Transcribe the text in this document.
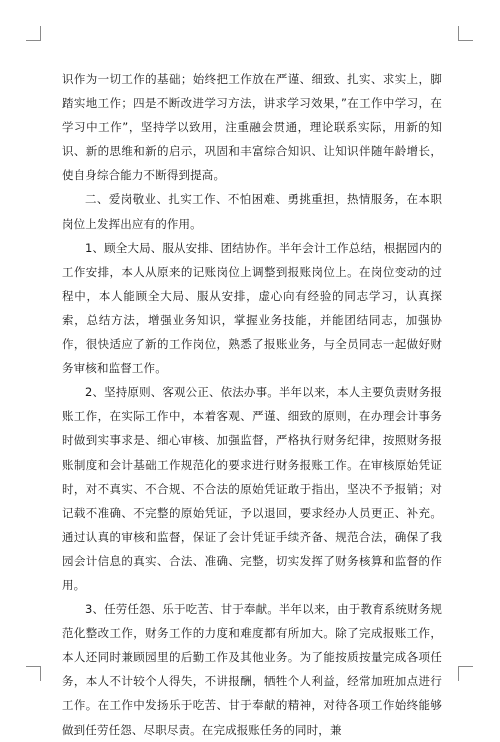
识作为一切工作的基础；始终把工作放在严谨、细致、扎实、求实上，脚踏实地工作；四是不断改进学习方法，讲求学习效果，”在工作中学习，在学习中工作”，坚持学以致用，注重融会贯通，理论联系实际，用新的知识、新的思维和新的启示，巩固和丰富综合知识、让知识伴随年龄增长，使自身综合能力不断得到提高。

二、爱岗敬业、扎实工作、不怕困难、勇挑重担，热情服务，在本职岗位上发挥出应有的作用。

1、顾全大局、服从安排、团结协作。半年会计工作总结，根据园内的工作安排，本人从原来的记账岗位上调整到报账岗位上。在岗位变动的过程中，本人能顾全大局、服从安排，虚心向有经验的同志学习，认真探索，总结方法，增强业务知识，掌握业务技能，并能团结同志，加强协作，很快适应了新的工作岗位，熟悉了报账业务，与全员同志一起做好财务审核和监督工作。

2、坚持原则、客观公正、依法办事。半年以来，本人主要负责财务报账工作，在实际工作中，本着客观、严谨、细致的原则，在办理会计事务时做到实事求是、细心审核、加强监督，严格执行财务纪律，按照财务报账制度和会计基础工作规范化的要求进行财务报账工作。在审核原始凭证时，对不真实、不合规、不合法的原始凭证敢于指出，坚决不予报销；对记载不准确、不完整的原始凭证，予以退回，要求经办人员更正、补充。通过认真的审核和监督，保证了会计凭证手续齐备、规范合法，确保了我园会计信息的真实、合法、准确、完整，切实发挥了财务核算和监督的作用。

3、任劳任怨、乐于吃苦、甘于奉献。半年以来，由于教育系统财务规范化整改工作，财务工作的力度和难度都有所加大。除了完成报账工作，本人还同时兼顾园里的后勤工作及其他业务。为了能按质按量完成各项任务，本人不计较个人得失，不讲报酬，牺牲个人利益，经常加班加点进行工作。在工作中发扬乐于吃苦、甘于奉献的精神，对待各项工作始终能够做到任劳任怨、尽职尽责。在完成报账任务的同时，兼
